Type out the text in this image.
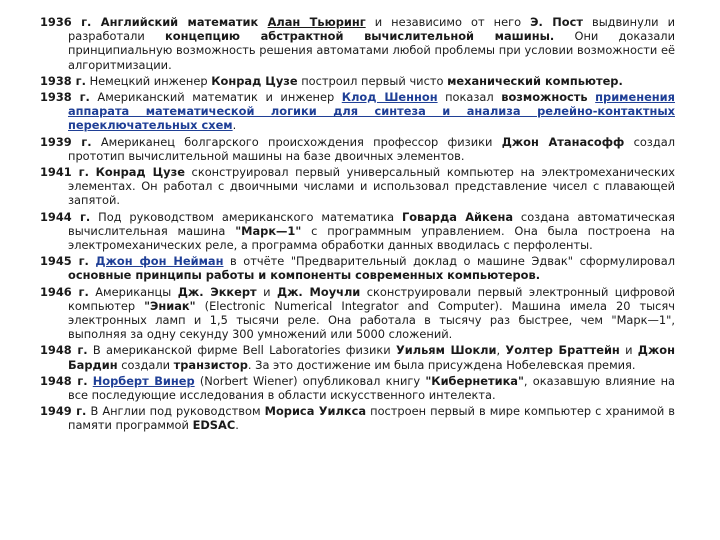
1936 г. Английский математик Алан Тьюринг и независимо от него Э. Пост выдвинули и разработали концепцию абстрактной вычислительной машины. Они доказали принципиальную возможность решения автоматами любой проблемы при условии возможности её алгоритмизации.

1938 г. Немецкий инженер Конрад Цузе построил первый чисто механический компьютер.

1938 г. Американский математик и инженер Клод Шеннон показал возможность применения аппарата математической логики для синтеза и анализа релейно-контактных переключательных схем.

1939 г. Американец болгарского происхождения профессор физики Джон Атанасофф создал прототип вычислительной машины на базе двоичных элементов.

1941 г. Конрад Цузе сконструировал первый универсальный компьютер на электромеханических элементах. Он работал с двоичными числами и использовал представление чисел с плавающей запятой.

1944 г. Под руководством американского математика Говарда Айкена создана автоматическая вычислительная машина "Марк—1" с программным управлением. Она была построена на электромеханических реле, а программа обработки данных вводилась с перфоленты.

1945 г. Джон фон Нейман в отчёте "Предварительный доклад о машине Эдвак" сформулировал основные принципы работы и компоненты современных компьютеров.

1946 г. Американцы Дж. Эккерт и Дж. Моучли сконструировали первый электронный цифровой компьютер "Эниак" (Electronic Numerical Integrator and Computer). Машина имела 20 тысяч электронных ламп и 1,5 тысячи реле. Она работала в тысячу раз быстрее, чем "Марк—1", выполняя за одну секунду 300 умножений или 5000 сложений.

1948 г. В американской фирме Bell Laboratories физики Уильям Шокли, Уолтер Браттейн и Джон Бардин создали транзистор. За это достижение им была присуждена Нобелевская премия.

1948 г. Норберт Винер (Norbert Wiener) опубликовал книгу "Кибернетика", оказавшую влияние на все последующие исследования в области искусственного интелекта.

1949 г. В Англии под руководством Мориса Уилкса построен первый в мире компьютер с хранимой в памяти программой EDSAC.
